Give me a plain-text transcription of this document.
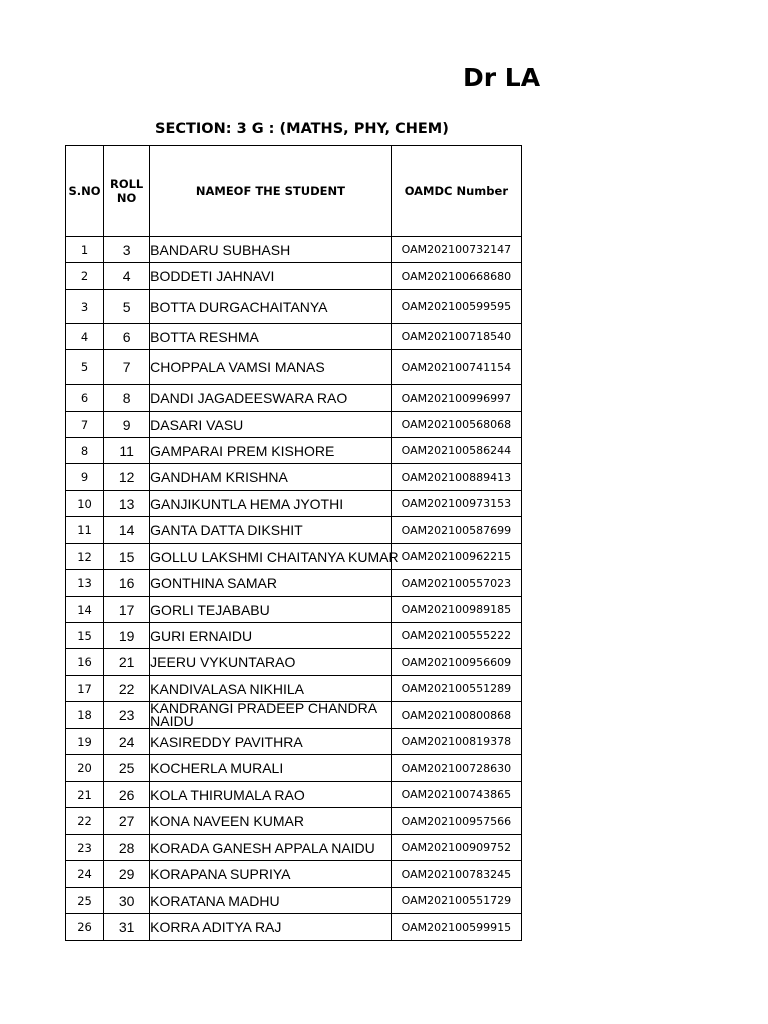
Dr LA
SECTION: 3 G : (MATHS, PHY, CHEM)
S.NO	ROLL NO	NAMEOF THE STUDENT	OAMDC Number
1	3	BANDARU SUBHASH	OAM202100732147
2	4	BODDETI JAHNAVI	OAM202100668680
3	5	BOTTA DURGACHAITANYA	OAM202100599595
4	6	BOTTA RESHMA	OAM202100718540
5	7	CHOPPALA VAMSI MANAS	OAM202100741154
6	8	DANDI JAGADEESWARA RAO	OAM202100996997
7	9	DASARI VASU	OAM202100568068
8	11	GAMPARAI PREM KISHORE	OAM202100586244
9	12	GANDHAM KRISHNA	OAM202100889413
10	13	GANJIKUNTLA HEMA JYOTHI	OAM202100973153
11	14	GANTA DATTA DIKSHIT	OAM202100587699
12	15	GOLLU LAKSHMI CHAITANYA KUMAR	OAM202100962215
13	16	GONTHINA SAMAR	OAM202100557023
14	17	GORLI TEJABABU	OAM202100989185
15	19	GURI ERNAIDU	OAM202100555222
16	21	JEERU VYKUNTARAO	OAM202100956609
17	22	KANDIVALASA NIKHILA	OAM202100551289
18	23	KANDRANGI PRADEEP CHANDRA NAIDU	OAM202100800868
19	24	KASIREDDY PAVITHRA	OAM202100819378
20	25	KOCHERLA MURALI	OAM202100728630
21	26	KOLA THIRUMALA RAO	OAM202100743865
22	27	KONA NAVEEN KUMAR	OAM202100957566
23	28	KORADA GANESH APPALA NAIDU	OAM202100909752
24	29	KORAPANA SUPRIYA	OAM202100783245
25	30	KORATANA MADHU	OAM202100551729
26	31	KORRA ADITYA RAJ	OAM202100599915
